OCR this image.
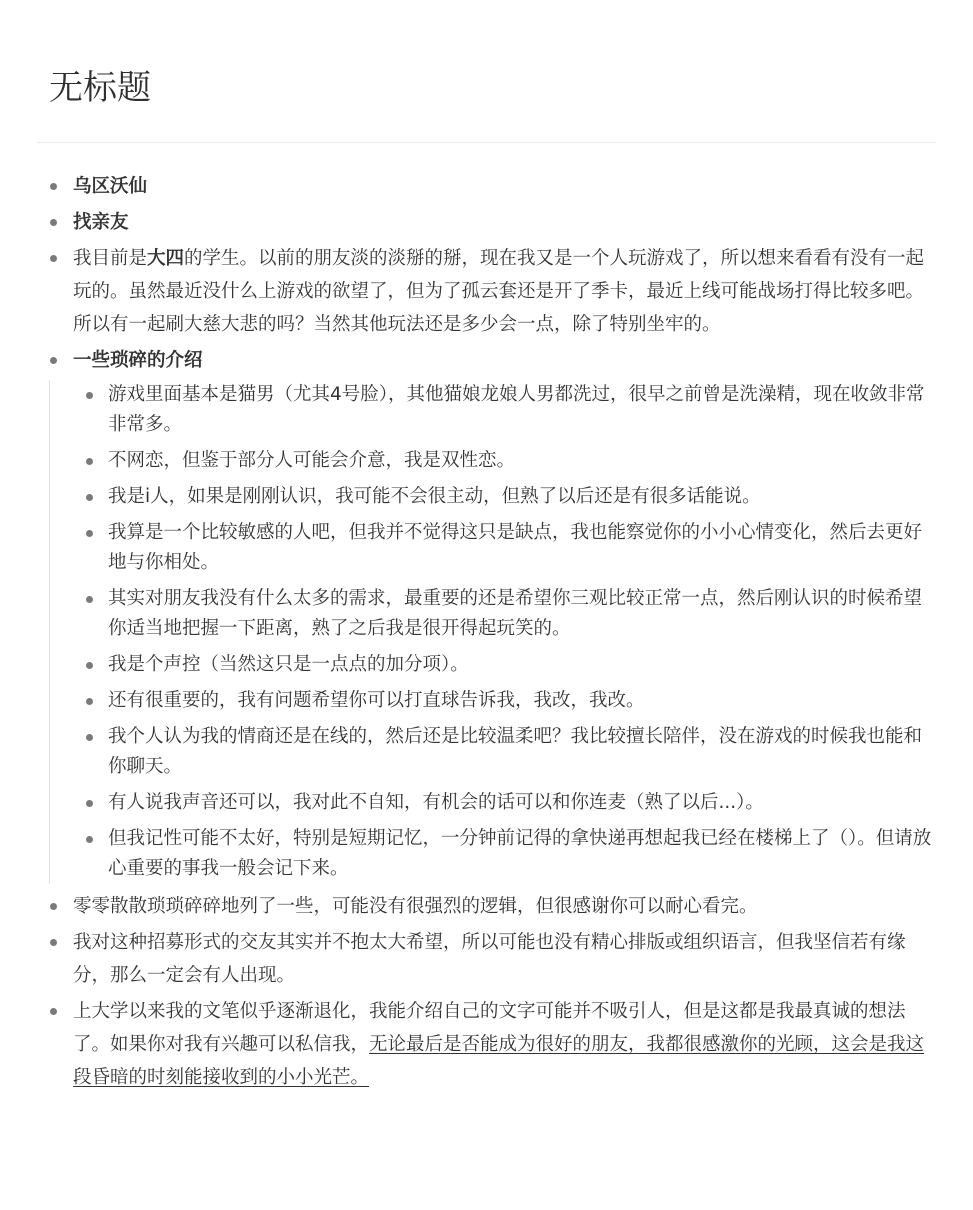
无标题
乌区沃仙
找亲友
我目前是大四的学生。以前的朋友淡的淡掰的掰，现在我又是一个人玩游戏了，所以想来看看有没有一起玩的。虽然最近没什么上游戏的欲望了，但为了孤云套还是开了季卡，最近上线可能战场打得比较多吧。所以有一起刷大慈大悲的吗？当然其他玩法还是多少会一点，除了特别坐牢的。
一些琐碎的介绍
游戏里面基本是猫男（尤其4号脸），其他猫娘龙娘人男都洗过，很早之前曾是洗澡精，现在收敛非常非常多。
不网恋，但鉴于部分人可能会介意，我是双性恋。
我是i人，如果是刚刚认识，我可能不会很主动，但熟了以后还是有很多话能说。
我算是一个比较敏感的人吧，但我并不觉得这只是缺点，我也能察觉你的小小心情变化，然后去更好地与你相处。
其实对朋友我没有什么太多的需求，最重要的还是希望你三观比较正常一点，然后刚认识的时候希望你适当地把握一下距离，熟了之后我是很开得起玩笑的。
我是个声控（当然这只是一点点的加分项）。
还有很重要的，我有问题希望你可以打直球告诉我，我改，我改。
我个人认为我的情商还是在线的，然后还是比较温柔吧？我比较擅长陪伴，没在游戏的时候我也能和你聊天。
有人说我声音还可以，我对此不自知，有机会的话可以和你连麦（熟了以后...）。
但我记性可能不太好，特别是短期记忆，一分钟前记得的拿快递再想起我已经在楼梯上了（）。但请放心重要的事我一般会记下来。
零零散散琐琐碎碎地列了一些，可能没有很强烈的逻辑，但很感谢你可以耐心看完。
我对这种招募形式的交友其实并不抱太大希望，所以可能也没有精心排版或组织语言，但我坚信若有缘分，那么一定会有人出现。
上大学以来我的文笔似乎逐渐退化，我能介绍自己的文字可能并不吸引人，但是这都是我最真诚的想法了。如果你对我有兴趣可以私信我，无论最后是否能成为很好的朋友，我都很感激你的光顾，这会是我这段昏暗的时刻能接收到的小小光芒。
